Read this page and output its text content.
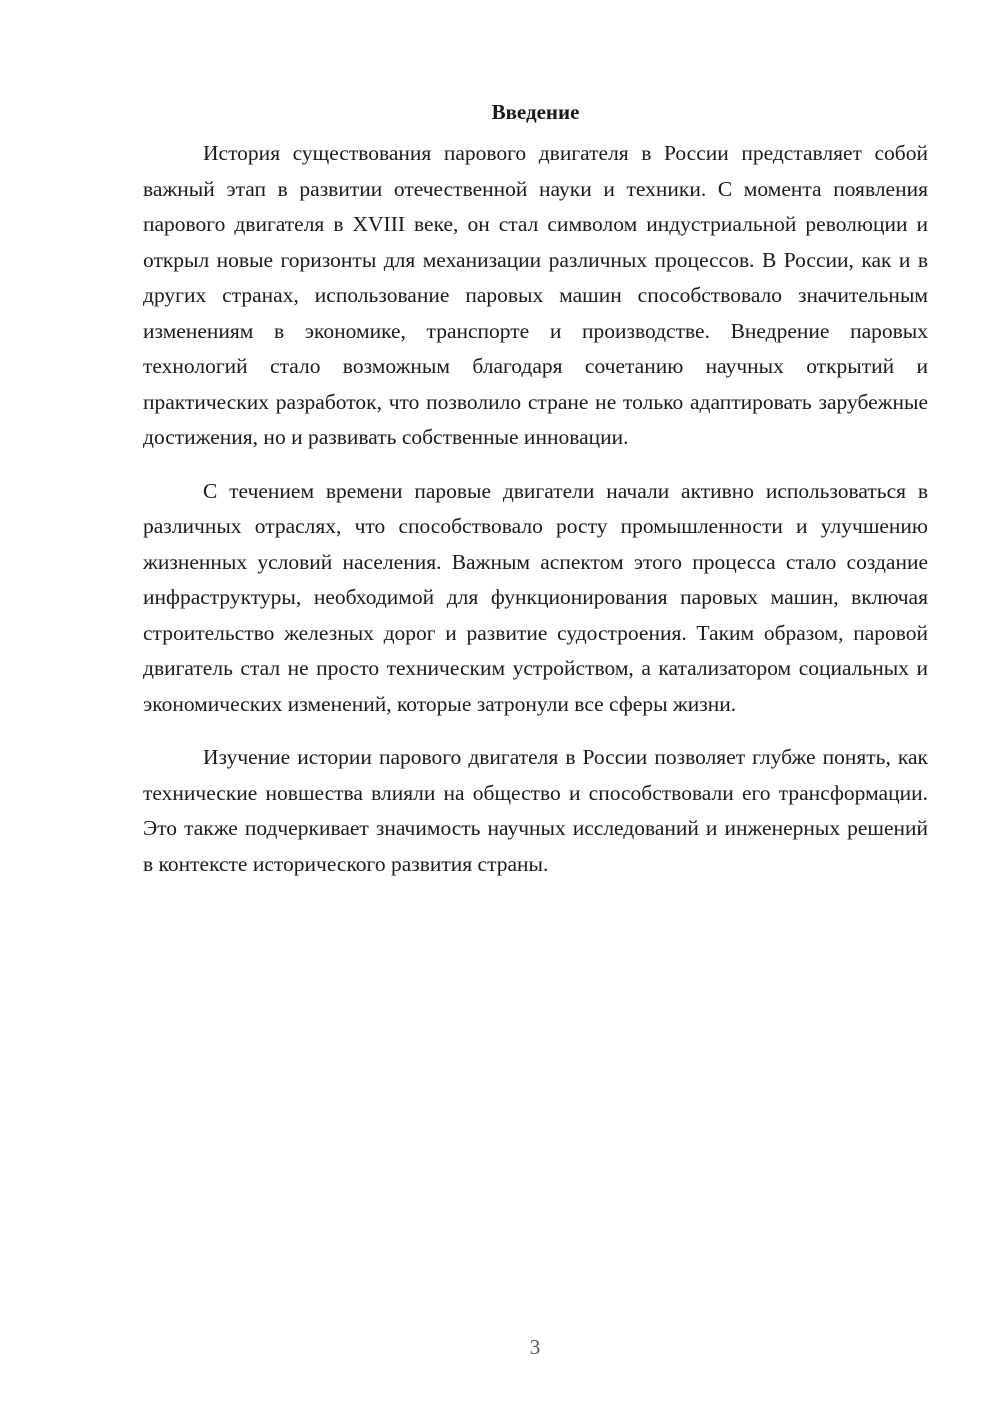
Введение

История существования парового двигателя в России представляет собой важный этап в развитии отечественной науки и техники. С момента появления парового двигателя в XVIII веке, он стал символом индустриальной революции и открыл новые горизонты для механизации различных процессов. В России, как и в других странах, использование паровых машин способствовало значительным изменениям в экономике, транспорте и производстве. Внедрение паровых технологий стало возможным благодаря сочетанию научных открытий и практических разработок, что позволило стране не только адаптировать зарубежные достижения, но и развивать собственные инновации.

С течением времени паровые двигатели начали активно использоваться в различных отраслях, что способствовало росту промышленности и улучшению жизненных условий населения. Важным аспектом этого процесса стало создание инфраструктуры, необходимой для функционирования паровых машин, включая строительство железных дорог и развитие судостроения. Таким образом, паровой двигатель стал не просто техническим устройством, а катализатором социальных и экономических изменений, которые затронули все сферы жизни.

Изучение истории парового двигателя в России позволяет глубже понять, как технические новшества влияли на общество и способствовали его трансформации. Это также подчеркивает значимость научных исследований и инженерных решений в контексте исторического развития страны.

3
